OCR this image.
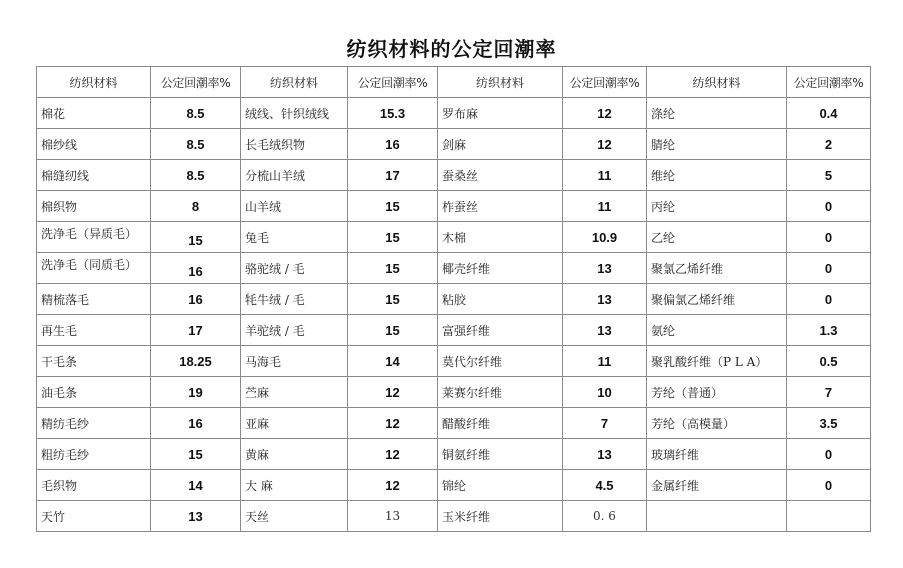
纺织材料的公定回潮率
纺织材料	公定回潮率%	纺织材料	公定回潮率%	纺织材料	公定回潮率%	纺织材料	公定回潮率%
棉花	8.5	绒线、针织绒线	15.3	罗布麻	12	涤纶	0.4
棉纱线	8.5	长毛绒织物	16	剑麻	12	腈纶	2
棉缝纫线	8.5	分梳山羊绒	17	蚕桑丝	11	维纶	5
棉织物	8	山羊绒	15	柞蚕丝	11	丙纶	0
洗净毛（异质毛）	15	兔毛	15	木棉	10.9	乙纶	0
洗净毛（同质毛）	16	骆驼绒 / 毛	15	椰壳纤维	13	聚氯乙烯纤维	0
精梳落毛	16	牦牛绒 / 毛	15	粘胶	13	聚偏氯乙烯纤维	0
再生毛	17	羊驼绒 / 毛	15	富强纤维	13	氨纶	1.3
干毛条	18.25	马海毛	14	莫代尔纤维	11	聚乳酸纤维（P L A）	0.5
油毛条	19	苎麻	12	莱赛尔纤维	10	芳纶（普通）	7
精纺毛纱	16	亚麻	12	醋酸纤维	7	芳纶（高模量）	3.5
粗纺毛纱	15	黄麻	12	铜氨纤维	13	玻璃纤维	0
毛织物	14	大 麻	12	锦纶	4.5	金属纤维	0
天竹	13	天丝	13	玉米纤维	0. 6		
